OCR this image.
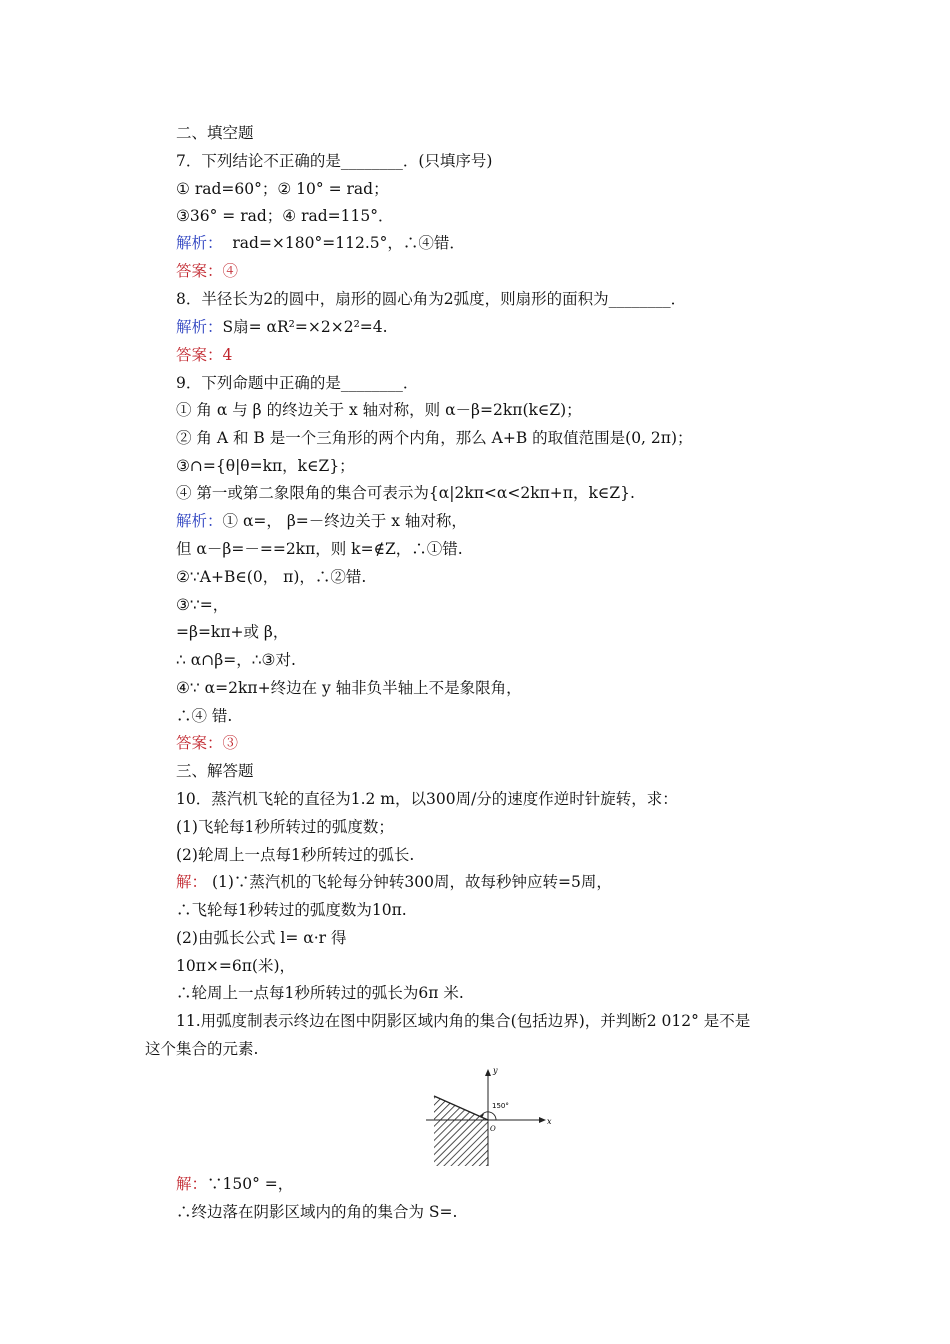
二、填空题
7．下列结论不正确的是________．(只填序号)
① rad=60°；② 10° = rad；
③36° = rad；④ rad=115°．
解析： rad=×180°=112.5°，∴④错．
答案：④
8．半径长为2的圆中，扇形的圆心角为2弧度，则扇形的面积为________．
解析：S扇= αR²=×2×2²=4.
答案：4
9．下列命题中正确的是________．
① 角 α 与 β 的终边关于 x 轴对称，则 α－β=2kπ(k∈Z)；
② 角 A 和 B 是一个三角形的两个内角，那么 A+B 的取值范围是(0, 2π)；
③∩={θ|θ=kπ，k∈Z}；
④ 第一或第二象限角的集合可表示为{α|2kπ<α<2kπ+π，k∈Z}.
解析：① α=， β=－终边关于 x 轴对称，
但 α－β=－==2kπ，则 k=∉Z，∴①错.
②∵A+B∈(0， π)，∴②错.
③∵=，
=β=kπ+或 β，
∴ α∩β=，∴③对.
④∵ α=2kπ+终边在 y 轴非负半轴上不是象限角，
∴④ 错.
答案：③
三、解答题
10．蒸汽机飞轮的直径为1.2 m，以300周/分的速度作逆时针旋转，求：
(1)飞轮每1秒所转过的弧度数；
(2)轮周上一点每1秒所转过的弧长.
解： (1)∵蒸汽机的飞轮每分钟转300周，故每秒钟应转=5周，
∴飞轮每1秒转过的弧度数为10π.
(2)由弧长公式 l= α·r 得
10π×=6π(米)，
∴轮周上一点每1秒所转过的弧长为6π 米.
11.用弧度制表示终边在图中阴影区域内角的集合(包括边界)，并判断2 012° 是不是
这个集合的元素.
y
x
O
150°
解：∵150° =，
∴终边落在阴影区域内的角的集合为 S=.
